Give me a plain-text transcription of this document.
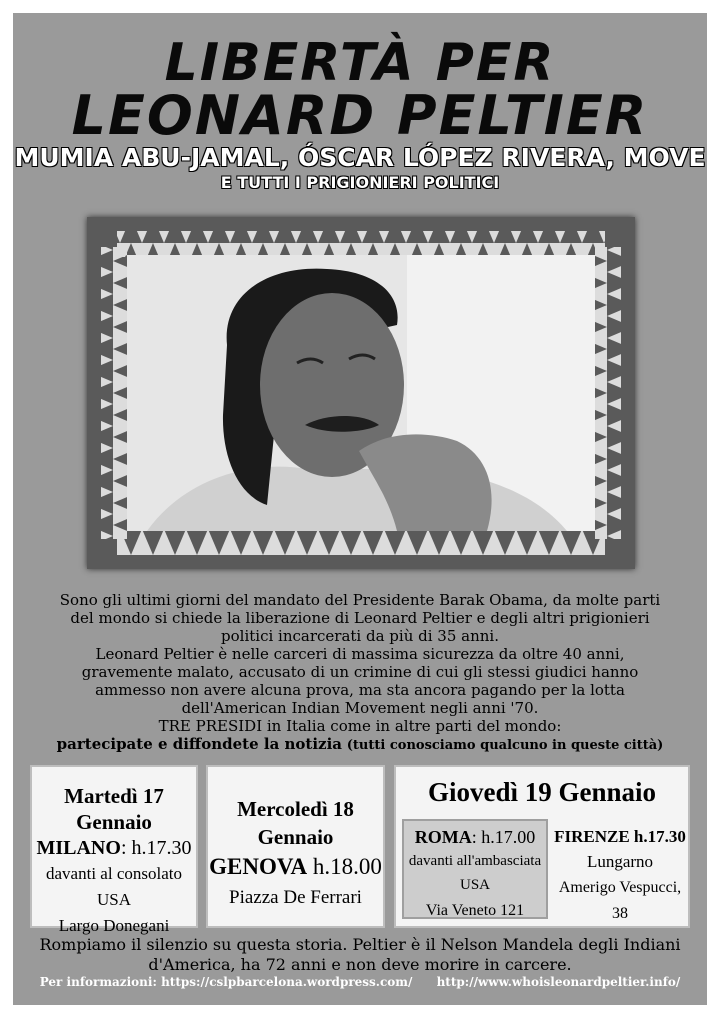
LIBERTÀ PER
LEONARD PELTIER

MUMIA ABU-JAMAL, ÓSCAR LÓPEZ RIVERA, MOVE

E TUTTI I PRIGIONIERI POLITICI

Sono gli ultimi giorni del mandato del Presidente Barak Obama, da molte parti
del mondo si chiede la liberazione di Leonard Peltier e degli altri prigionieri
politici incarcerati da più di 35 anni.
Leonard Peltier è nelle carceri di massima sicurezza da oltre 40 anni,
gravemente malato, accusato di un crimine di cui gli stessi giudici hanno
ammesso non avere alcuna prova, ma sta ancora pagando per la lotta
dell'American Indian Movement negli anni '70.
TRE PRESIDI in Italia come in altre parti del mondo:
partecipate e diffondete la notizia (tutti conosciamo qualcuno in queste città)
Martedì 17 Gennaio
MILANO: h.17.30
davanti al consolato USA
Largo Donegani
Mercoledì 18 Gennaio
GENOVA h.18.00
Piazza De Ferrari
Giovedì 19 Gennaio
ROMA: h.17.00
davanti all'ambasciata USA
Via Veneto 121
FIRENZE h.17.30
Lungarno
Amerigo Vespucci, 38

Rompiamo il silenzio su questa storia. Peltier è il Nelson Mandela degli Indiani

d'America, ha 72 anni e non deve morire in carcere.

Per informazioni: https://cslpbarcelona.wordpress.com/ http://www.whoisleonardpeltier.info/
